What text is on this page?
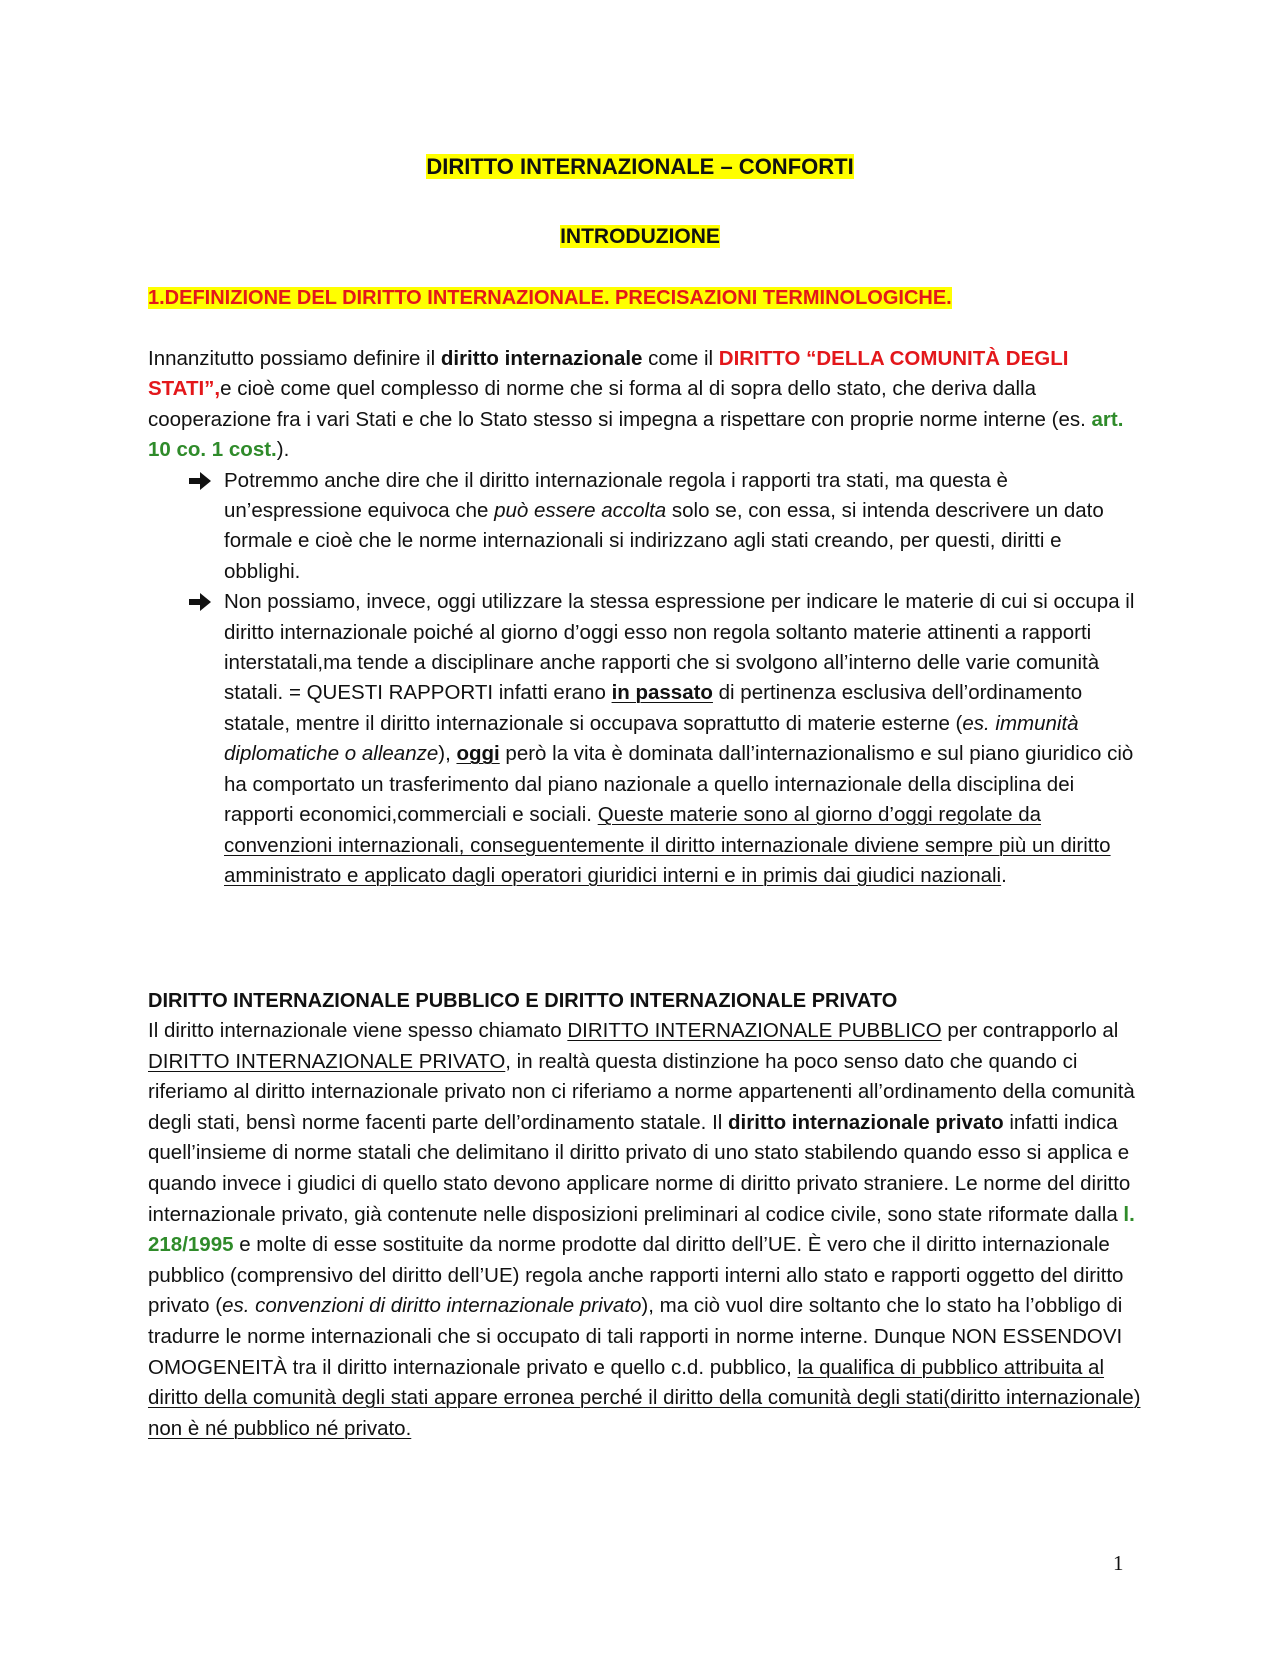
DIRITTO INTERNAZIONALE – CONFORTI
INTRODUZIONE
1.DEFINIZIONE DEL DIRITTO INTERNAZIONALE. PRECISAZIONI TERMINOLOGICHE.

Innanzitutto possiamo definire il diritto internazionale come il DIRITTO “DELLA COMUNITÀ DEGLI STATI”,e cioè come quel complesso di norme che si forma al di sopra dello stato, che deriva dalla cooperazione fra i vari Stati e che lo Stato stesso si impegna a rispettare con proprie norme interne (es. art. 10 co. 1 cost.).

Potremmo anche dire che il diritto internazionale regola i rapporti tra stati, ma questa è un’espressione equivoca che può essere accolta solo se, con essa, si intenda descrivere un dato formale e cioè che le norme internazionali si indirizzano agli stati creando, per questi, diritti e obblighi.

Non possiamo, invece, oggi utilizzare la stessa espressione per indicare le materie di cui si occupa il diritto internazionale poiché al giorno d’oggi esso non regola soltanto materie attinenti a rapporti interstatali,ma tende a disciplinare anche rapporti che si svolgono all’interno delle varie comunità statali. = QUESTI RAPPORTI infatti erano in passato di pertinenza esclusiva dell’ordinamento statale, mentre il diritto internazionale si occupava soprattutto di materie esterne (es. immunità diplomatiche o alleanze), oggi però la vita è dominata dall’internazionalismo e sul piano giuridico ciò ha comportato un trasferimento dal piano nazionale a quello internazionale della disciplina dei rapporti economici,commerciali e sociali. Queste materie sono al giorno d’oggi regolate da convenzioni internazionali, conseguentemente il diritto internazionale diviene sempre più un diritto amministrato e applicato dagli operatori giuridici interni e in primis dai giudici nazionali.

DIRITTO INTERNAZIONALE PUBBLICO E DIRITTO INTERNAZIONALE PRIVATO

Il diritto internazionale viene spesso chiamato DIRITTO INTERNAZIONALE PUBBLICO per contrapporlo al DIRITTO INTERNAZIONALE PRIVATO, in realtà questa distinzione ha poco senso dato che quando ci riferiamo al diritto internazionale privato non ci riferiamo a norme appartenenti all’ordinamento della comunità degli stati, bensì norme facenti parte dell’ordinamento statale. Il diritto internazionale privato infatti indica quell’insieme di norme statali che delimitano il diritto privato di uno stato stabilendo quando esso si applica e quando invece i giudici di quello stato devono applicare norme di diritto privato straniere. Le norme del diritto internazionale privato, già contenute nelle disposizioni preliminari al codice civile, sono state riformate dalla l. 218/1995 e molte di esse sostituite da norme prodotte dal diritto dell’UE. È vero che il diritto internazionale pubblico (comprensivo del diritto dell’UE) regola anche rapporti interni allo stato e rapporti oggetto del diritto privato (es. convenzioni di diritto internazionale privato), ma ciò vuol dire soltanto che lo stato ha l’obbligo di tradurre le norme internazionali che si occupato di tali rapporti in norme interne. Dunque NON ESSENDOVI OMOGENEITÀ tra il diritto internazionale privato e quello c.d. pubblico, la qualifica di pubblico attribuita al diritto della comunità degli stati appare erronea perché il diritto della comunità degli stati(diritto internazionale) non è né pubblico né privato.

1
